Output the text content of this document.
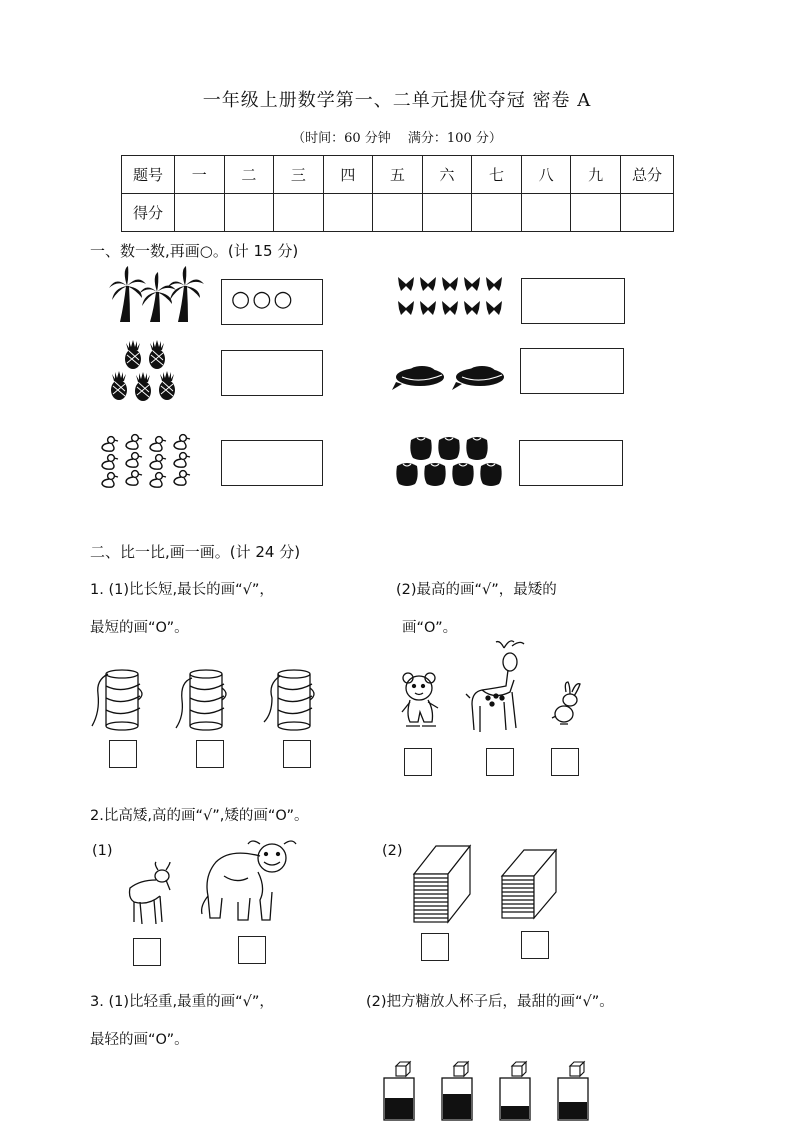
一年级上册数学第一、二单元提优夺冠 密卷 A
（时间：60 分钟　 满分：100 分）
题号	一	二	三	四	五	六	七	八	九	总分
得分										
一、数一数,再画○。(计 15 分)
○○○
二、比一比,画一画。(计 24 分)
1. (1)比长短,最长的画“√”，
最短的画“O”。
(2)最高的画“√”，最矮的
画“O”。
2.比高矮,高的画“√”,矮的画“O”。
(1)	(2)
3. (1)比轻重,最重的画“√”，
最轻的画“O”。
(2)把方糖放人杯子后，最甜的画“√”。
